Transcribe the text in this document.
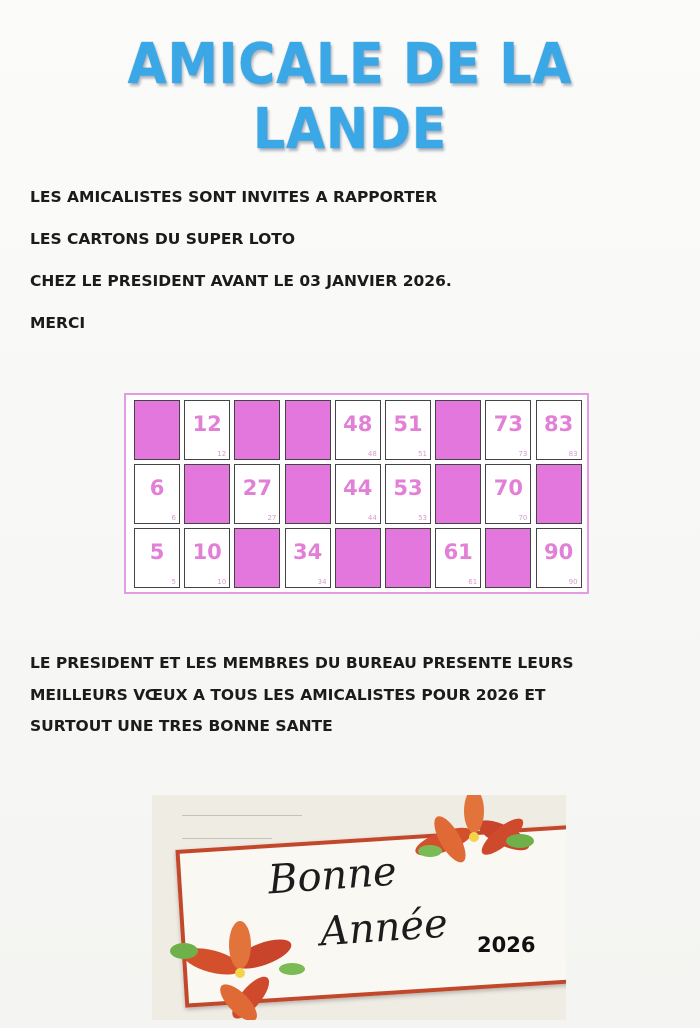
AMICALE DE LA LANDE
LES AMICALISTES SONT INVITES A RAPPORTER
LES CARTONS DU SUPER LOTO
CHEZ LE PRESIDENT AVANT LE 03 JANVIER 2026.
MERCI
12
12
48
48
51
51
73
73
83
83
6
6
27
27
44
44
53
53
70
70
5
5
10
10
34
34
61
61
90
90
LE PRESIDENT ET LES MEMBRES DU BUREAU PRESENTE LEURS
MEILLEURS VŒUX A TOUS LES AMICALISTES POUR 2026 ET
SURTOUT UNE TRES BONNE SANTE
Bonne
Année 2026
